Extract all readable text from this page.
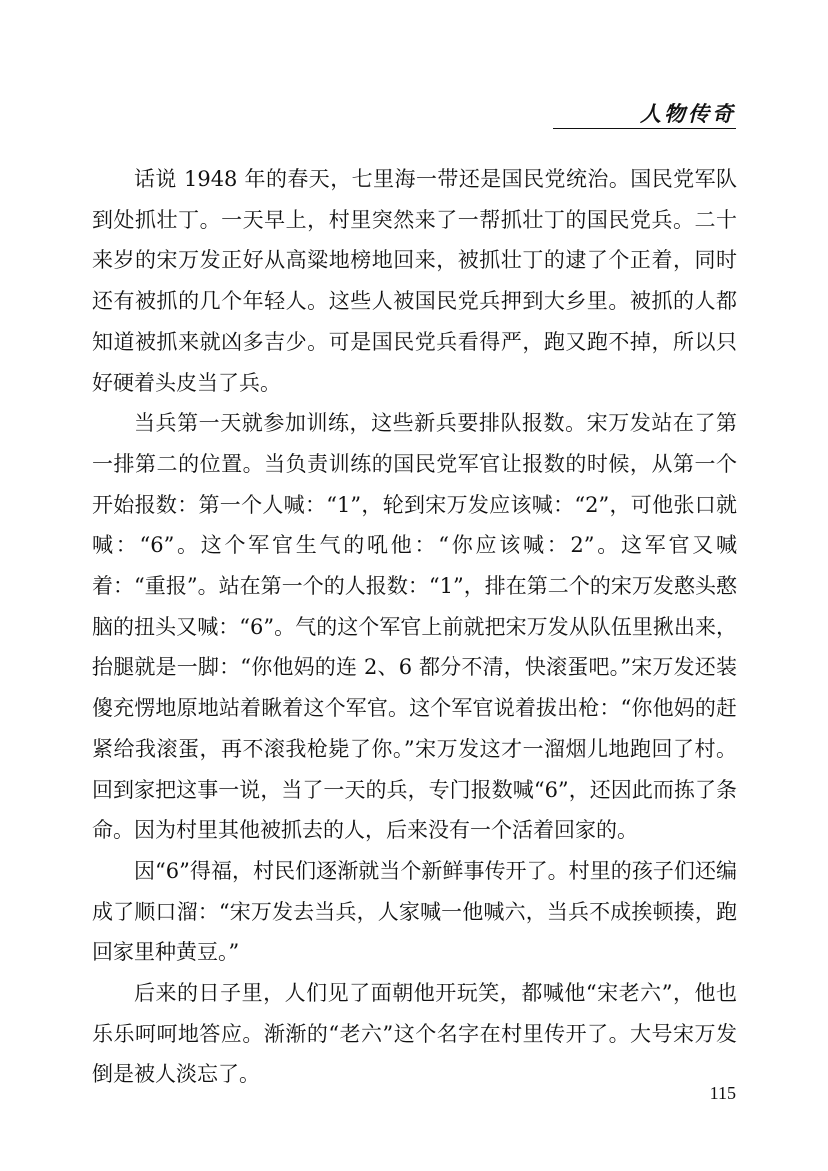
人物传奇

话说 1948 年的春天，七里海一带还是国民党统治。国民党军队到处抓壮丁。一天早上，村里突然来了一帮抓壮丁的国民党兵。二十来岁的宋万发正好从高粱地榜地回来，被抓壮丁的逮了个正着，同时还有被抓的几个年轻人。这些人被国民党兵押到大乡里。被抓的人都知道被抓来就凶多吉少。可是国民党兵看得严，跑又跑不掉，所以只好硬着头皮当了兵。

当兵第一天就参加训练，这些新兵要排队报数。宋万发站在了第一排第二的位置。当负责训练的国民党军官让报数的时候，从第一个开始报数：第一个人喊：“1”，轮到宋万发应该喊：“2”，可他张口就喊：“6”。这个军官生气的吼他：“你应该喊：2”。这军官又喊着：“重报”。站在第一个的人报数：“1”，排在第二个的宋万发憨头憨脑的扭头又喊：“6”。气的这个军官上前就把宋万发从队伍里揪出来，抬腿就是一脚：“你他妈的连 2、6 都分不清，快滚蛋吧。”宋万发还装傻充愣地原地站着瞅着这个军官。这个军官说着拔出枪：“你他妈的赶紧给我滚蛋，再不滚我枪毙了你。”宋万发这才一溜烟儿地跑回了村。回到家把这事一说，当了一天的兵，专门报数喊“6”，还因此而拣了条命。因为村里其他被抓去的人，后来没有一个活着回家的。

因“6”得福，村民们逐渐就当个新鲜事传开了。村里的孩子们还编成了顺口溜：“宋万发去当兵，人家喊一他喊六，当兵不成挨顿揍，跑回家里种黄豆。”

后来的日子里，人们见了面朝他开玩笑，都喊他“宋老六”，他也乐乐呵呵地答应。渐渐的“老六”这个名字在村里传开了。大号宋万发倒是被人淡忘了。

115
